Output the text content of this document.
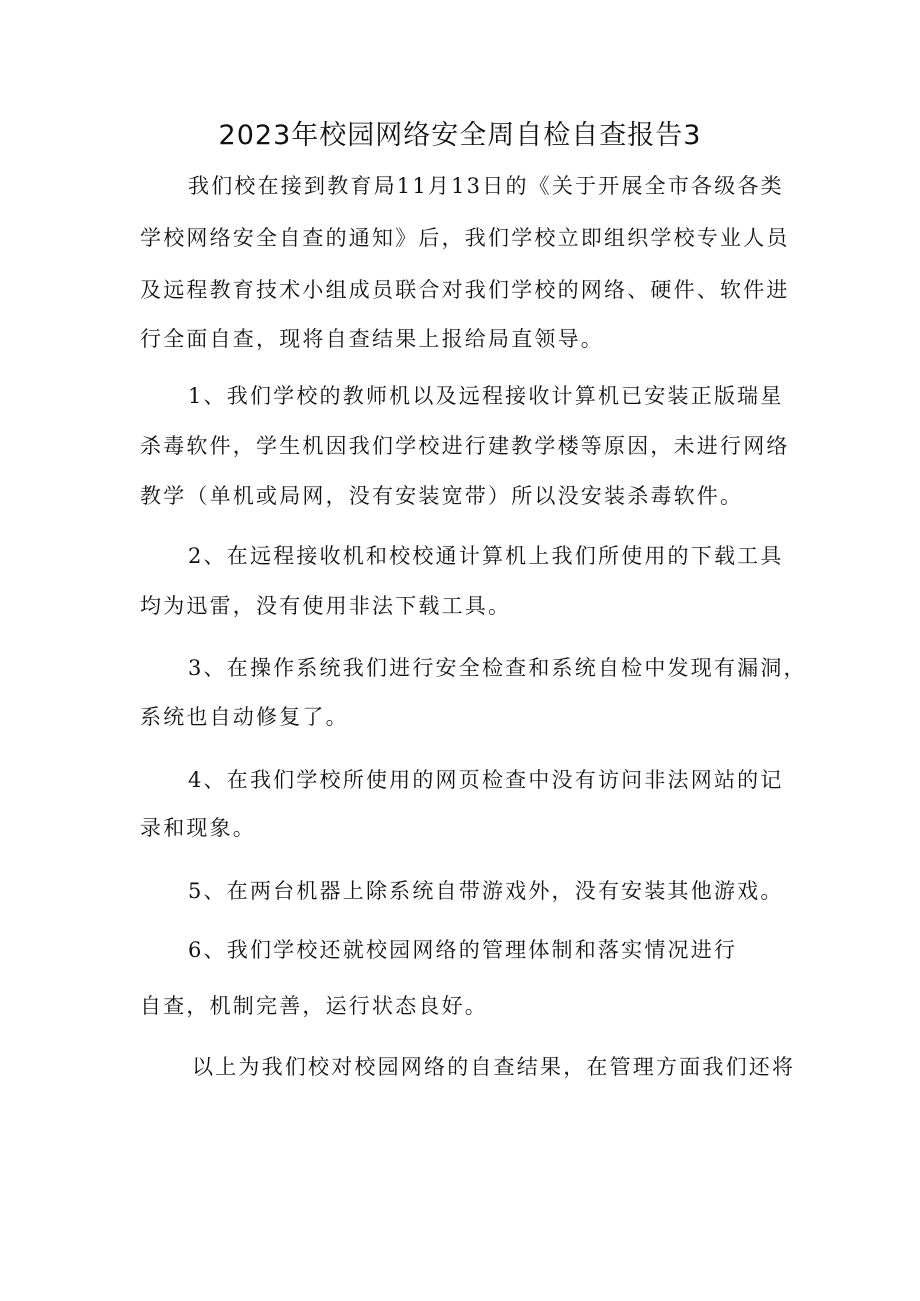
2023年校园网络安全周自检自查报告3

我们校在接到教育局11月13日的《关于开展全市各级各类

学校网络安全自查的通知》后，我们学校立即组织学校专业人员

及远程教育技术小组成员联合对我们学校的网络、硬件、软件进

行全面自查，现将自查结果上报给局直领导。

1、我们学校的教师机以及远程接收计算机已安装正版瑞星

杀毒软件，学生机因我们学校进行建教学楼等原因，未进行网络

教学（单机或局网，没有安装宽带）所以没安装杀毒软件。

2、在远程接收机和校校通计算机上我们所使用的下载工具

均为迅雷，没有使用非法下载工具。

3、在操作系统我们进行安全检查和系统自检中发现有漏洞，

系统也自动修复了。

4、在我们学校所使用的网页检查中没有访问非法网站的记

录和现象。

5、在两台机器上除系统自带游戏外，没有安装其他游戏。

6、我们学校还就校园网络的管理体制和落实情况进行

自查，机制完善，运行状态良好。

以上为我们校对校园网络的自查结果，在管理方面我们还将
